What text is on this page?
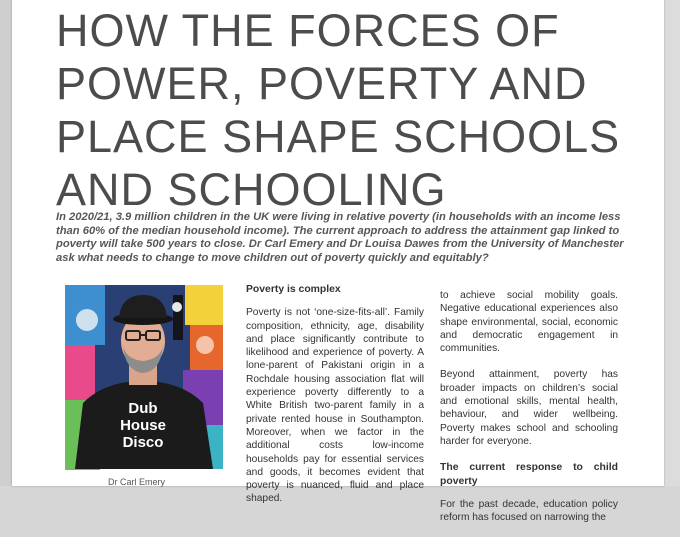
HOW THE FORCES OF POWER, POVERTY AND PLACE SHAPE SCHOOLS AND SCHOOLING

In 2020/21, 3.9 million children in the UK were living in relative poverty (in households with an income less than 60% of the median household income). The current approach to address the attainment gap linked to poverty will take 500 years to close. Dr Carl Emery and Dr Louisa Dawes from the University of Manchester ask what needs to change to move children out of poverty quickly and equitably?

Dub
House
Disco
Dr Carl Emery
Poverty is complex

Poverty is not ‘one-size-fits-all’. Family composition, ethnicity, age, disability and place significantly contribute to likelihood and experience of poverty. A lone-parent of Pakistani origin in a Rochdale housing association flat will experience poverty differently to a White British two-parent family in a private rented house in Southampton. Moreover, when we factor in the additional costs low-income households pay for essential services and goods, it becomes evident that poverty is nuanced, fluid and place shaped.

to achieve social mobility goals. Negative educational experiences also shape environmental, social, economic and democratic engagement in communities.

Beyond attainment, poverty has broader impacts on children’s social and emotional skills, mental health, behaviour, and wider wellbeing. Poverty makes school and schooling harder for everyone.

The current response to child poverty

For the past decade, education policy reform has focused on narrowing the
